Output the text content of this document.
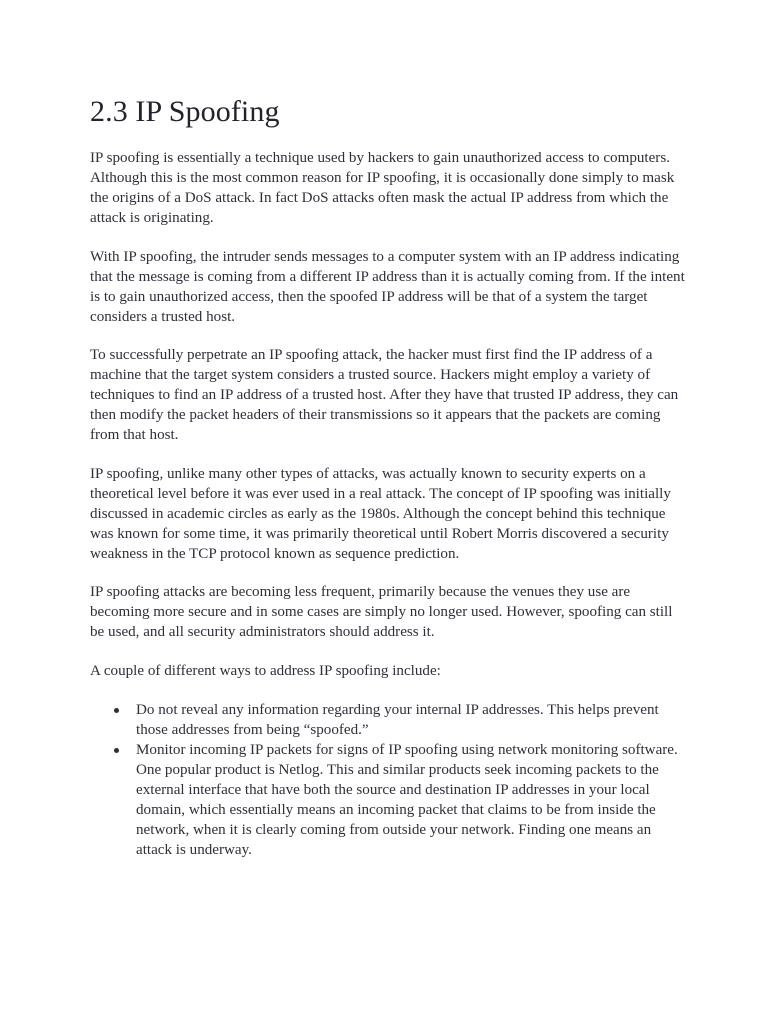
2.3 IP Spoofing

IP spoofing is essentially a technique used by hackers to gain unauthorized access to computers. Although this is the most common reason for IP spoofing, it is occasionally done simply to mask the origins of a DoS attack. In fact DoS attacks often mask the actual IP address from which the attack is originating.

With IP spoofing, the intruder sends messages to a computer system with an IP address indicating that the message is coming from a different IP address than it is actually coming from. If the intent is to gain unauthorized access, then the spoofed IP address will be that of a system the target considers a trusted host.

To successfully perpetrate an IP spoofing attack, the hacker must first find the IP address of a machine that the target system considers a trusted source. Hackers might employ a variety of techniques to find an IP address of a trusted host. After they have that trusted IP address, they can then modify the packet headers of their transmissions so it appears that the packets are coming from that host.

IP spoofing, unlike many other types of attacks, was actually known to security experts on a theoretical level before it was ever used in a real attack. The concept of IP spoofing was initially discussed in academic circles as early as the 1980s. Although the concept behind this technique was known for some time, it was primarily theoretical until Robert Morris discovered a security weakness in the TCP protocol known as sequence prediction.

IP spoofing attacks are becoming less frequent, primarily because the venues they use are becoming more secure and in some cases are simply no longer used. However, spoofing can still be used, and all security administrators should address it.

A couple of different ways to address IP spoofing include:

Do not reveal any information regarding your internal IP addresses. This helps prevent those addresses from being “spoofed.”
Monitor incoming IP packets for signs of IP spoofing using network monitoring software. One popular product is Netlog. This and similar products seek incoming packets to the external interface that have both the source and destination IP addresses in your local domain, which essentially means an incoming packet that claims to be from inside the network, when it is clearly coming from outside your network. Finding one means an attack is underway.
